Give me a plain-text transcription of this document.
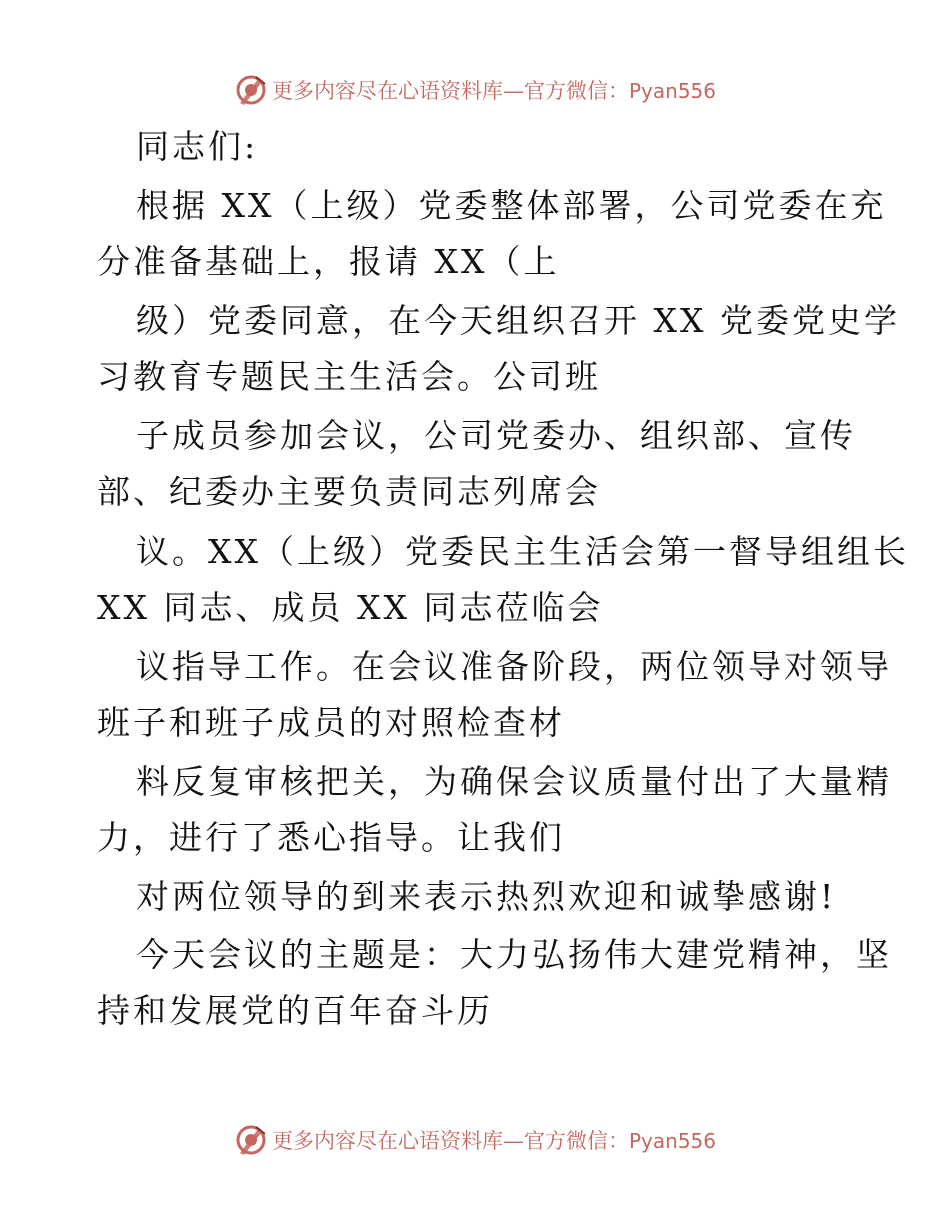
更多内容尽在心语资料库—官方微信：Pyan556
同志们:
根据 XX（上级）党委整体部署，公司党委在充
分准备基础上，报请 XX（上
级）党委同意，在今天组织召开 XX 党委党史学
习教育专题民主生活会。公司班
子成员参加会议，公司党委办、组织部、宣传
部、纪委办主要负责同志列席会
议。XX（上级）党委民主生活会第一督导组组长
XX 同志、成员 XX 同志莅临会
议指导工作。在会议准备阶段，两位领导对领导
班子和班子成员的对照检查材
料反复审核把关，为确保会议质量付出了大量精
力，进行了悉心指导。让我们
对两位领导的到来表示热烈欢迎和诚挚感谢!
今天会议的主题是：大力弘扬伟大建党精神，坚
持和发展党的百年奋斗历
更多内容尽在心语资料库—官方微信：Pyan556
